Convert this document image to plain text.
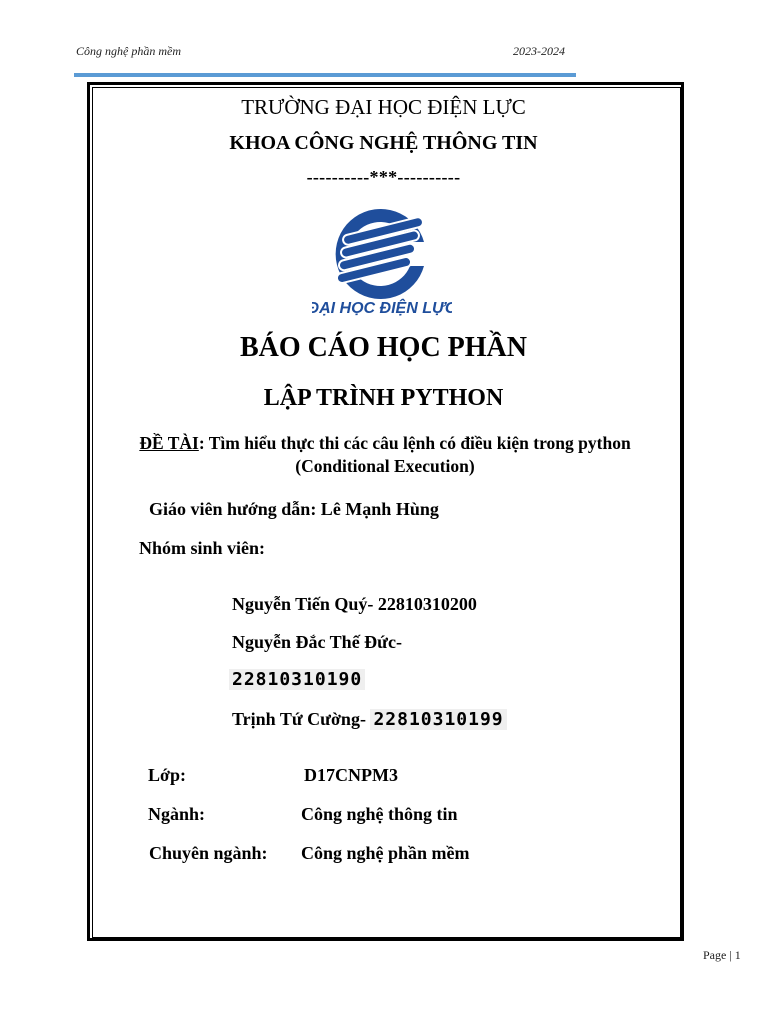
Công nghệ phần mềm	2023-2024
TRƯỜNG ĐẠI HỌC ĐIỆN LỰC
KHOA CÔNG NGHỆ THÔNG TIN
----------***----------
ĐẠI HỌC ĐIỆN LỰC
BÁO CÁO HỌC PHẦN
LẬP TRÌNH PYTHON
ĐỀ TÀI: Tìm hiểu thực thi các câu lệnh có điều kiện trong python (Conditional Execution)
Giáo viên hướng dẫn: Lê Mạnh Hùng
Nhóm sinh viên:
Nguyễn Tiến Quý- 22810310200
Nguyễn Đắc Thế Đức-
22810310190
Trịnh Tứ Cường- 22810310199
Lớp:	D17CNPM3
Ngành:	Công nghệ thông tin
Chuyên ngành: Công nghệ phần mềm
Page | 1
